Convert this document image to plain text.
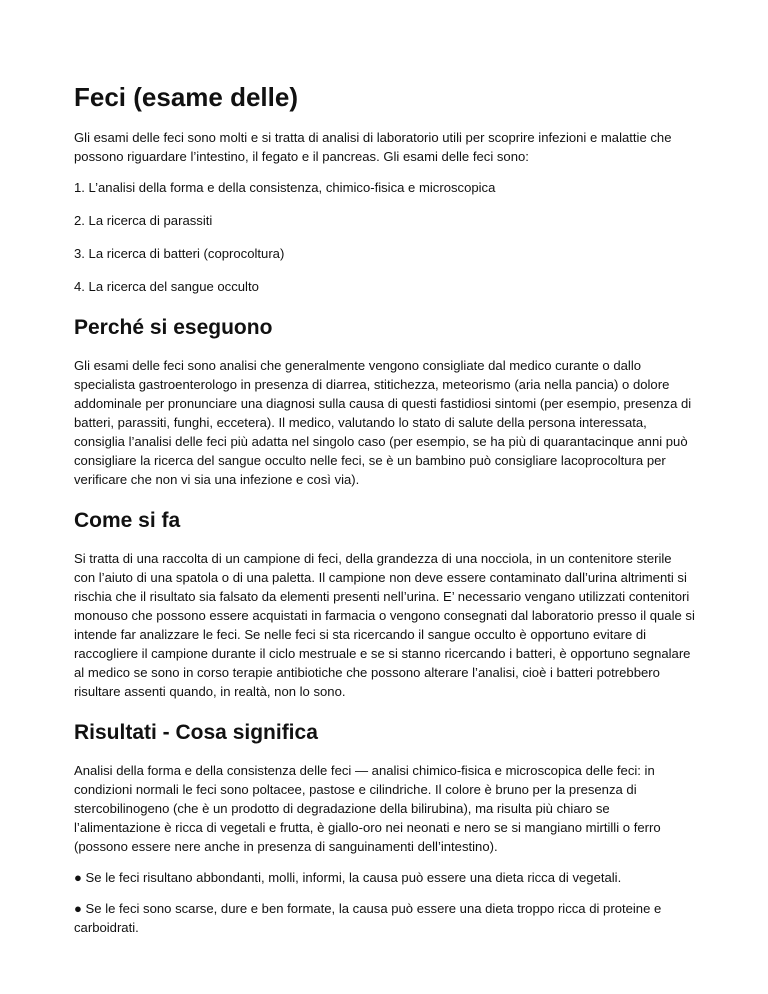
Feci (esame delle)

Gli esami delle feci sono molti e si tratta di analisi di laboratorio utili per scoprire infezioni e malattie che possono riguardare l’intestino, il fegato e il pancreas. Gli esami delle feci sono:

1. L’analisi della forma e della consistenza, chimico-fisica e microscopica

2. La ricerca di parassiti

3. La ricerca di batteri (coprocoltura)

4. La ricerca del sangue occulto

Perché si eseguono

Gli esami delle feci sono analisi che generalmente vengono consigliate dal medico curante o dallo specialista gastroenterologo in presenza di diarrea, stitichezza, meteorismo (aria nella pancia) o dolore addominale per pronunciare una diagnosi sulla causa di questi fastidiosi sintomi (per esempio, presenza di batteri, parassiti, funghi, eccetera). Il medico, valutando lo stato di salute della persona interessata, consiglia l’analisi delle feci più adatta nel singolo caso (per esempio, se ha più di quarantacinque anni può consigliare la ricerca del sangue occulto nelle feci, se è un bambino può consigliare lacoprocoltura per verificare che non vi sia una infezione e così via).

Come si fa

Si tratta di una raccolta di un campione di feci, della grandezza di una nocciola, in un contenitore sterile con l’aiuto di una spatola o di una paletta. Il campione non deve essere contaminato dall’urina altrimenti si rischia che il risultato sia falsato da elementi presenti nell’urina. E’ necessario vengano utilizzati contenitori monouso che possono essere acquistati in farmacia o vengono consegnati dal laboratorio presso il quale si intende far analizzare le feci. Se nelle feci si sta ricercando il sangue occulto è opportuno evitare di raccogliere il campione durante il ciclo mestruale e se si stanno ricercando i batteri, è opportuno segnalare al medico se sono in corso terapie antibiotiche che possono alterare l’analisi, cioè i batteri potrebbero risultare assenti quando, in realtà, non lo sono.

Risultati - Cosa significa

Analisi della forma e della consistenza delle feci — analisi chimico-fisica e microscopica delle feci: in condizioni normali le feci sono poltacee, pastose e cilindriche. Il colore è bruno per la presenza di stercobilinogeno (che è un prodotto di degradazione della bilirubina), ma risulta più chiaro se l’alimentazione è ricca di vegetali e frutta, è giallo-oro nei neonati e nero se si mangiano mirtilli o ferro (possono essere nere anche in presenza di sanguinamenti dell’intestino).

● Se le feci risultano abbondanti, molli, informi, la causa può essere una dieta ricca di vegetali.

● Se le feci sono scarse, dure e ben formate, la causa può essere una dieta troppo ricca di proteine e carboidrati.
